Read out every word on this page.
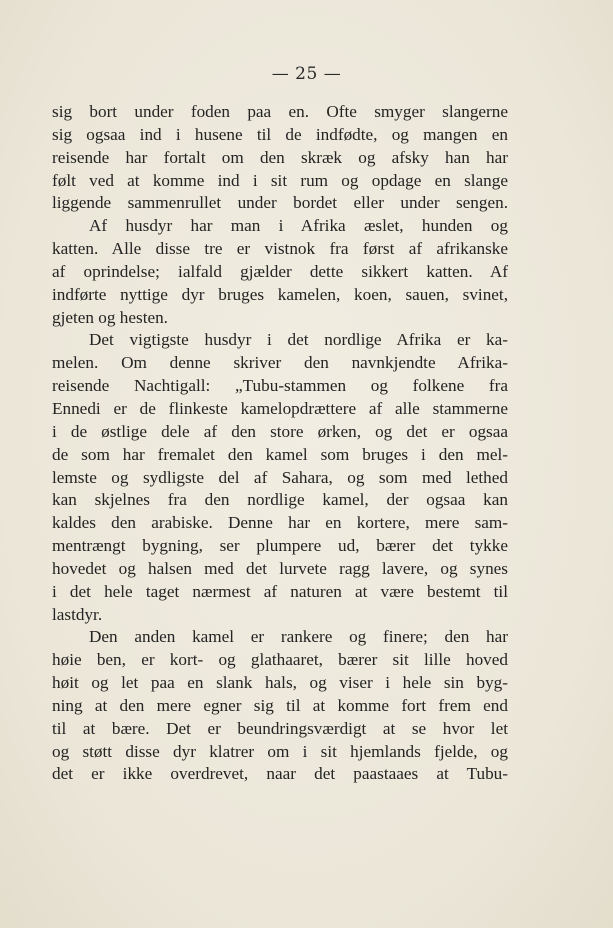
— 25 —
sig bort under foden paa en. Ofte smyger slangerne
sig ogsaa ind i husene til de indfødte, og mangen en
reisende har fortalt om den skræk og afsky han har
følt ved at komme ind i sit rum og opdage en slange
liggende sammenrullet under bordet eller under sengen.
Af husdyr har man i Afrika æslet, hunden og
katten. Alle disse tre er vistnok fra først af afrikanske
af oprindelse; ialfald gjælder dette sikkert katten. Af
indførte nyttige dyr bruges kamelen, koen, sauen, svinet,
gjeten og hesten.
Det vigtigste husdyr i det nordlige Afrika er ka-
melen. Om denne skriver den navnkjendte Afrika-
reisende Nachtigall: „Tubu-stammen og folkene fra
Ennedi er de flinkeste kamelopdrættere af alle stammerne
i de østlige dele af den store ørken, og det er ogsaa
de som har fremalet den kamel som bruges i den mel-
lemste og sydligste del af Sahara, og som med lethed
kan skjelnes fra den nordlige kamel, der ogsaa kan
kaldes den arabiske. Denne har en kortere, mere sam-
mentrængt bygning, ser plumpere ud, bærer det tykke
hovedet og halsen med det lurvete ragg lavere, og synes
i det hele taget nærmest af naturen at være bestemt til
lastdyr.
Den anden kamel er rankere og finere; den har
høie ben, er kort- og glathaaret, bærer sit lille hoved
høit og let paa en slank hals, og viser i hele sin byg-
ning at den mere egner sig til at komme fort frem end
til at bære. Det er beundringsværdigt at se hvor let
og støtt disse dyr klatrer om i sit hjemlands fjelde, og
det er ikke overdrevet, naar det paastaaes at Tubu-
